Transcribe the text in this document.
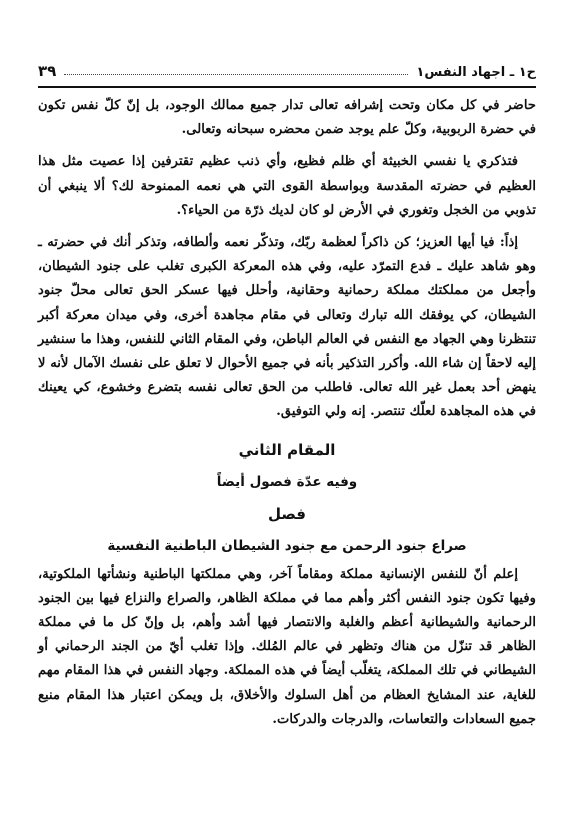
ح١ ـ اجهاد النفس١
٣٩

حاضر في كل مكان وتحت إشرافه تعالى تدار جميع ممالك الوجود، بل إنّ كلّ نفس تكون في حضرة الربوبية، وكلّ علم يوجد ضمن محضره سبحانه وتعالى.

فتذكري يا نفسي الخبيثة أي ظلم فظيع، وأي ذنب عظيم تقترفين إذا عصيت مثل هذا العظيم في حضرته المقدسة وبواسطة القوى التي هي نعمه الممنوحة لك؟ ألا ينبغي أن تذوبي من الخجل وتغوري في الأرض لو كان لديك ذرّة من الحياء؟.

إذاً: فيا أيها العزيز؛ كن ذاكراً لعظمة ربّك، وتذكّر نعمه وألطافه، وتذكر أنك في حضرته ـ وهو شاهد عليك ـ فدع التمرّد عليه، وفي هذه المعركة الكبرى تغلب على جنود الشيطان، وأجعل من مملكتك مملكة رحمانية وحقانية، وأحلل فيها عسكر الحق تعالى محلّ جنود الشيطان، كي يوفقك الله تبارك وتعالى في مقام مجاهدة أخرى، وفي ميدان معركة أكبر تنتظرنا وهي الجهاد مع النفس في العالم الباطن، وفي المقام الثاني للنفس، وهذا ما سنشير إليه لاحقاً إن شاء الله. وأكرر التذكير بأنه في جميع الأحوال لا تعلق على نفسك الآمال لأنه لا ينهض أحد بعمل غير الله تعالى. فاطلب من الحق تعالى نفسه بتضرع وخشوع، كي يعينك في هذه المجاهدة لعلّك تنتصر. إنه ولي التوفيق.

المقام الثاني
وفيه عدّة فصول أيضاً
فصل
صراع جنود الرحمن مع جنود الشيطان الباطنية النفسية

إعلم أنّ للنفس الإنسانية مملكة ومقاماً آخر، وهي مملكتها الباطنية ونشأتها الملكوتية، وفيها تكون جنود النفس أكثر وأهم مما في مملكة الظاهر، والصراع والنزاع فيها بين الجنود الرحمانية والشيطانية أعظم والغلبة والانتصار فيها أشد وأهم، بل وإنّ كل ما في مملكة الظاهر قد تنزّل من هناك وتظهر في عالم المُلك. وإذا تغلب أيّ من الجند الرحماني أو الشيطاني في تلك المملكة، يتغلّب أيضاً في هذه المملكة. وجهاد النفس في هذا المقام مهم للغاية، عند المشايخ العظام من أهل السلوك والأخلاق، بل ويمكن اعتبار هذا المقام منبع جميع السعادات والتعاسات، والدرجات والدركات.
